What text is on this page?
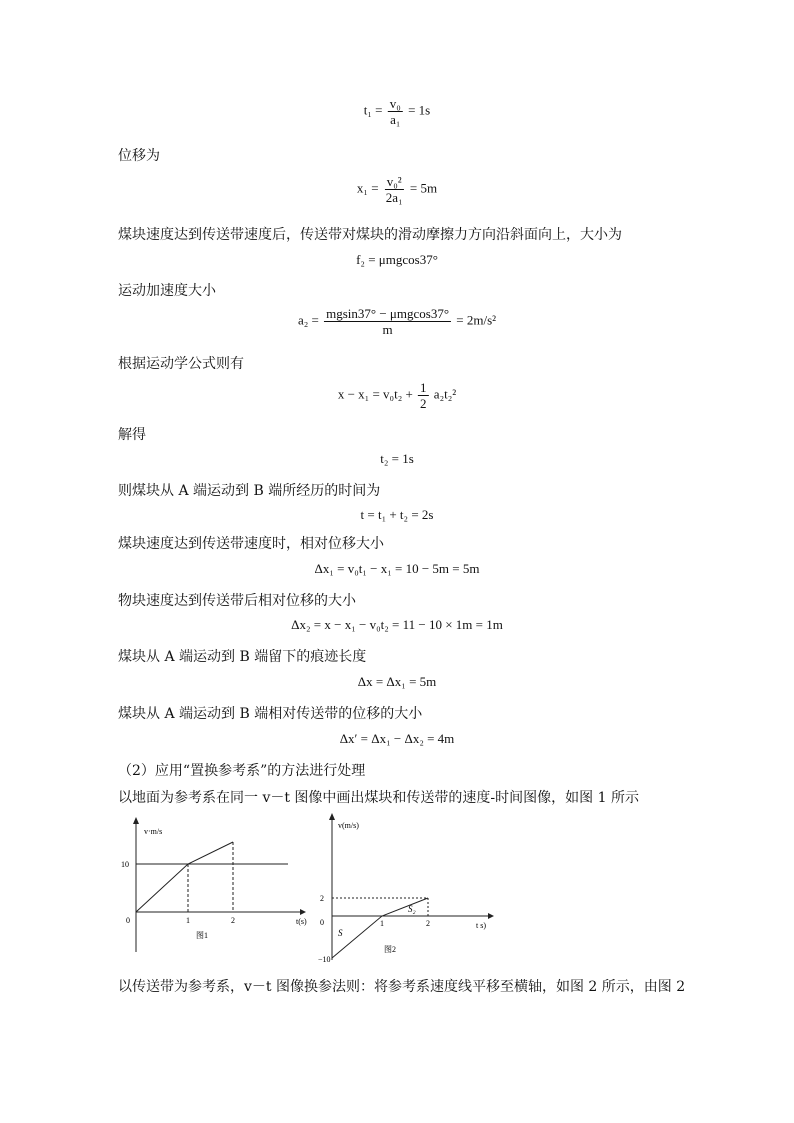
$t_1 = \frac{\text{v₀}}{\text{a₁}} = 1s$
位移为
$x_1 = \frac{\text{v₀²}}{\text{2a₁}} = 5m$
煤块速度达到传送带速度后，传送带对煤块的滑动摩擦力方向沿斜面向上，大小为
f₂ = μmgcos37°
运动加速度大小
$a_2 = \frac{\text{mgsin37° − μmgcos37°}}{m} = 2m/s^2$
根据运动学公式则有
$x - x_1 = v_0t_2 + \frac{1}{2} a_2t_2^2$
解得
t₂ = 1s
则煤块从 A 端运动到 B 端所经历的时间为
t = t₁ + t₂ = 2s
煤块速度达到传送带速度时，相对位移大小
Δx₁ = v₀t₁ − x₁ = 10 − 5m = 5m
物块速度达到传送带后相对位移的大小
Δx₂ = x − x₁ − v₀t₂ = 11 − 10 × 1m = 1m
煤块从 A 端运动到 B 端留下的痕迹长度
Δx = Δx₁ = 5m
煤块从 A 端运动到 B 端相对传送带的位移的大小
Δx′ = Δx₁ − Δx₂ = 4m
（2）应用“置换参考系”的方法进行处理
以地面为参考系在同一 v－t 图像中画出煤块和传送带的速度-时间图像，如图 1 所示
v·m/s
10
0	1	2	t(s)
图1
v(m/s)
2
0
−10
1	2	t s)
S₂
S
图2
以传送带为参考系，v－t 图像换参法则：将参考系速度线平移至横轴，如图 2 所示，由图 2
